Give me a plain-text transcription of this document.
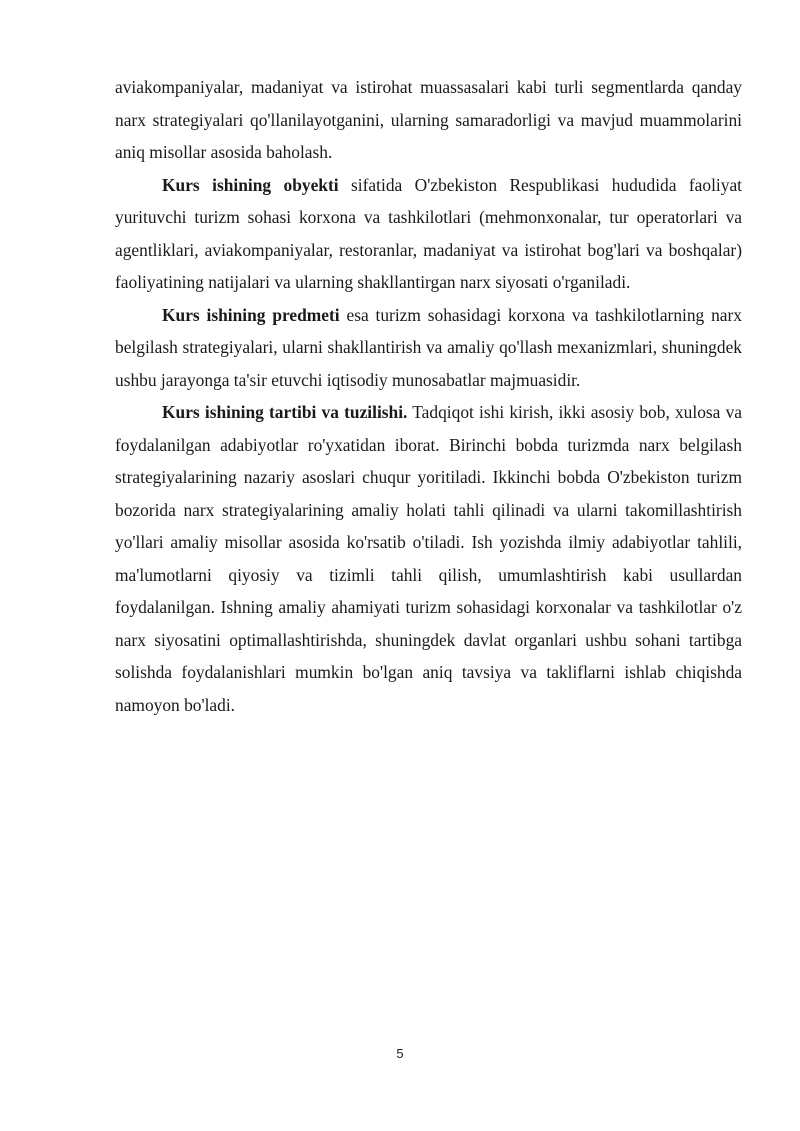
aviakompaniyalar, madaniyat va istirohat muassasalari kabi turli segmentlarda qanday narx strategiyalari qo'llanilayotganini, ularning samaradorligi va mavjud muammolarini aniq misollar asosida baholash.

Kurs ishining obyekti sifatida O'zbekiston Respublikasi hududida faoliyat yurituvchi turizm sohasi korxona va tashkilotlari (mehmonxonalar, tur operatorlari va agentliklari, aviakompaniyalar, restoranlar, madaniyat va istirohat bog'lari va boshqalar) faoliyatining natijalari va ularning shakllantirgan narx siyosati o'rganiladi.

Kurs ishining predmeti esa turizm sohasidagi korxona va tashkilotlarning narx belgilash strategiyalari, ularni shakllantirish va amaliy qo'llash mexanizmlari, shuningdek ushbu jarayonga ta'sir etuvchi iqtisodiy munosabatlar majmuasidir.

Kurs ishining tartibi va tuzilishi. Tadqiqot ishi kirish, ikki asosiy bob, xulosa va foydalanilgan adabiyotlar ro'yxatidan iborat. Birinchi bobda turizmda narx belgilash strategiyalarining nazariy asoslari chuqur yoritiladi. Ikkinchi bobda O'zbekiston turizm bozorida narx strategiyalarining amaliy holati tahli qilinadi va ularni takomillashtirish yo'llari amaliy misollar asosida ko'rsatib o'tiladi. Ish yozishda ilmiy adabiyotlar tahlili, ma'lumotlarni qiyosiy va tizimli tahli qilish, umumlashtirish kabi usullardan foydalanilgan. Ishning amaliy ahamiyati turizm sohasidagi korxonalar va tashkilotlar o'z narx siyosatini optimallashtirishda, shuningdek davlat organlari ushbu sohani tartibga solishda foydalanishlari mumkin bo'lgan aniq tavsiya va takliflarni ishlab chiqishda namoyon bo'ladi.

5
